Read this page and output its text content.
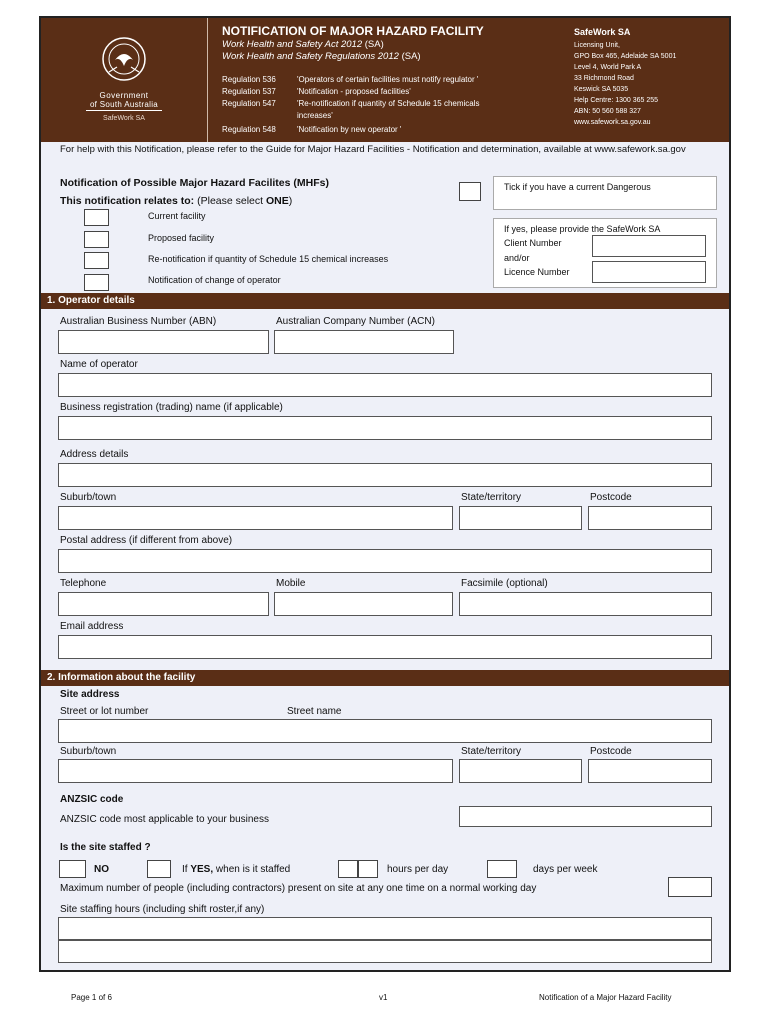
Government
of South Australia
SafeWork SA
NOTIFICATION OF MAJOR HAZARD FACILITY
Work Health and Safety Act 2012 (SA)
Work Health and Safety Regulations 2012 (SA)
Regulation 536	'Operators of certain facilities must notify regulator '
Regulation 537	'Notification - proposed facilities'
Regulation 547	'Re-notification if quantity of Schedule 15 chemicals
increases'
Regulation 548	'Notification by new operator '
SafeWork SA
Licensing Unit,
GPO Box 465, Adelaide SA 5001
Level 4, World Park A
33 Richmond Road
Keswick SA 5035
Help Centre: 1300 365 255
ABN: 50 560 588 327
www.safework.sa.gov.au
For help with this Notification, please refer to the Guide for Major Hazard Facilities - Notification and determination, available at www.safework.sa.gov
Notification of Possible Major Hazard Facilites (MHFs)
This notification relates to: (Please select ONE)
Current facility
Proposed facility
Re-notification if quantity of Schedule 15 chemical increases
Notification of change of operator
Tick if you have a current Dangerous
If yes, please provide the SafeWork SA
Client Number
and/or
Licence Number
1. Operator details
Australian Business Number (ABN)	Australian Company Number (ACN)
Name of operator
Business registration (trading) name (if applicable)
Address details
Suburb/town	State/territory	Postcode
Postal address (if different from above)
Telephone	Mobile	Facsimile (optional)
Email address
2. Information about the facility
Site address
Street or lot number	Street name
Suburb/town	State/territory	Postcode
ANZSIC code
ANZSIC code most applicable to your business
Is the site staffed ?
NO	If YES, when is it staffed	hours per day	days per week
Maximum number of people (including contractors) present on site at any one time on a normal working day
Site staffing hours (including shift roster,if any)
Page 1 of 6	v1	Notification of a Major Hazard Facility
